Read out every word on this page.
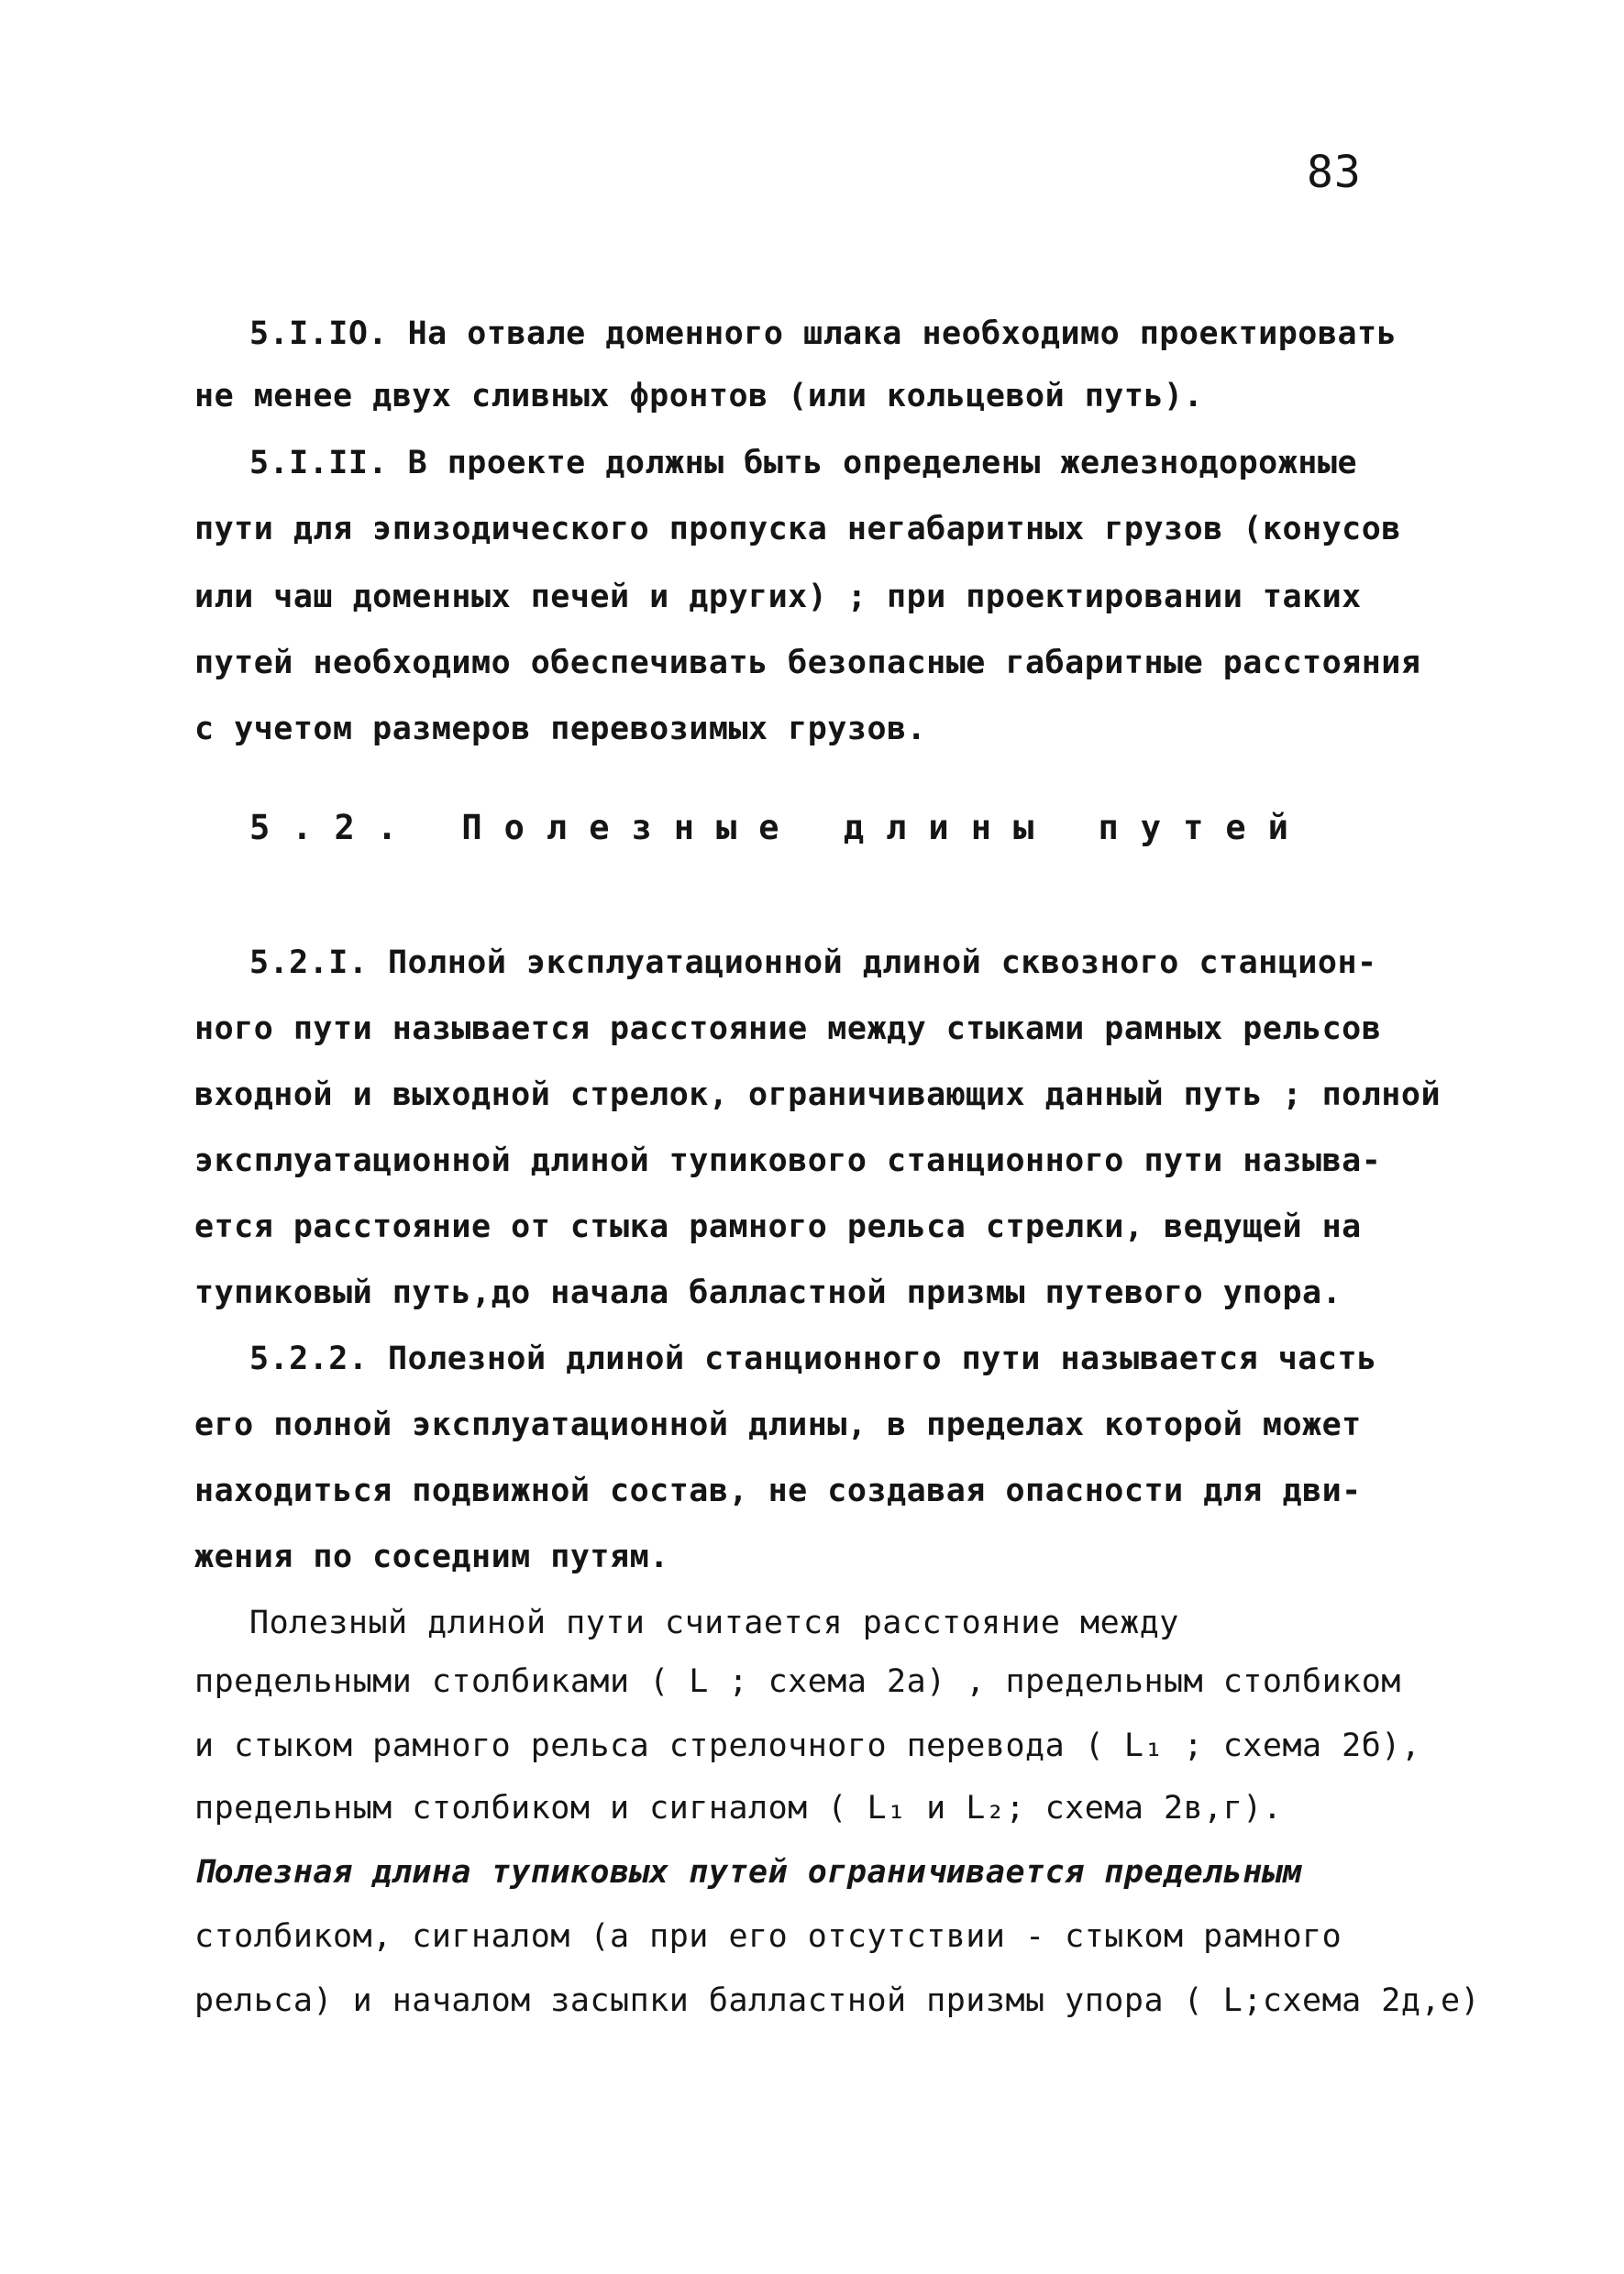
83
5.I.IO. На отвале доменного шлака необходимо проектировать
не менее двух сливных фронтов (или кольцевой путь).
5.I.II. В проекте должны быть определены железнодорожные
пути для эпизодического пропуска негабаритных грузов (конусов
или чаш доменных печей и других) ; при проектировании таких
путей необходимо обеспечивать безопасные габаритные расстояния
с учетом размеров перевозимых грузов.
5.2. Полезные длины путей
5.2.I. Полной эксплуатационной длиной сквозного станцион-
ного пути называется расстояние между стыками рамных рельсов
входной и выходной стрелок, ограничивающих данный путь ; полной
эксплуатационной длиной тупикового станционного пути называ-
ется расстояние от стыка рамного рельса стрелки, ведущей на
тупиковый путь,до начала балластной призмы путевого упора.
5.2.2. Полезной длиной станционного пути называется часть
его полной эксплуатационной длины, в пределах которой может
находиться подвижной состав, не создавая опасности для дви-
жения по соседним путям.
Полезный длиной пути считается расстояние между
предельными столбиками ( L ; схема 2а) , предельным столбиком
и стыком рамного рельса стрелочного перевода ( L₁ ; схема 2б),
предельным столбиком и сигналом ( L₁ и L₂; схема 2в,г).
Полезная длина тупиковых путей ограничивается предельным
столбиком, сигналом (а при его отсутствии - стыком рамного
рельса) и началом засыпки балластной призмы упора ( L;схема 2д,е)
